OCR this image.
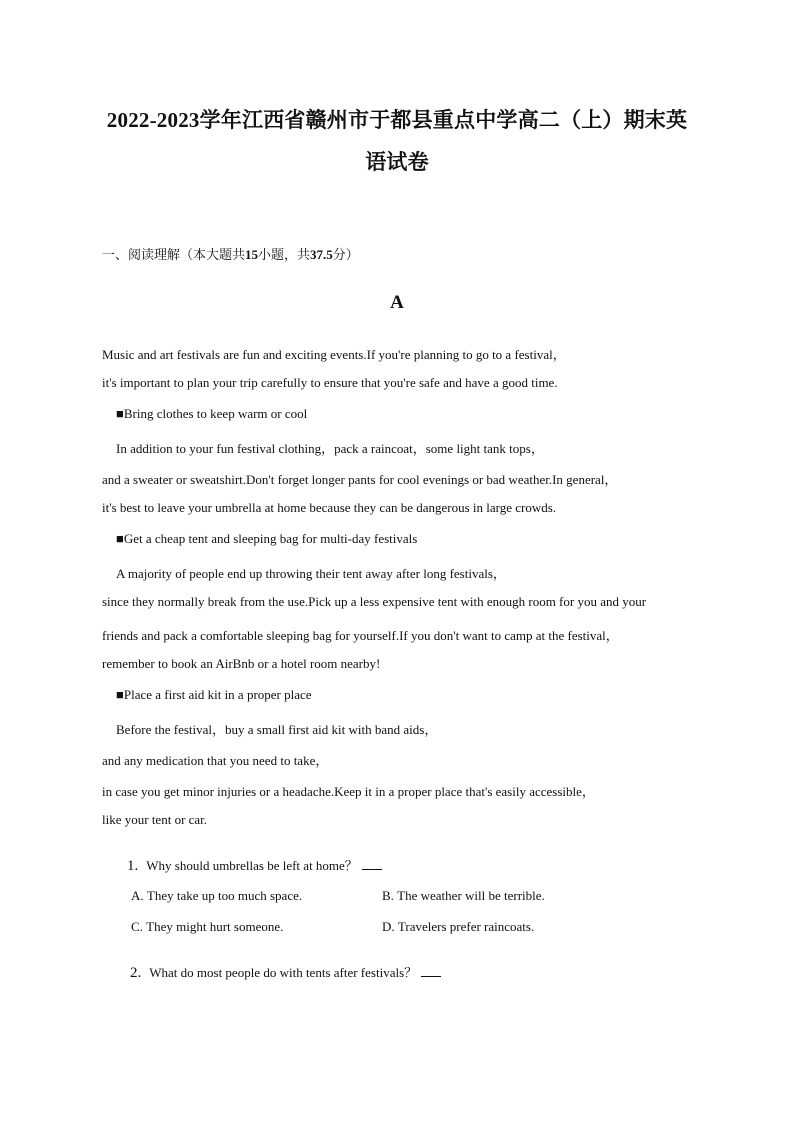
2022-2023学年江西省赣州市于都县重点中学高二（上）期末英
语试卷
一、阅读理解（本大题共15小题，共37.5分）
A
Music and art festivals are fun and exciting events.If you're planning to go to a festival，
it's important to plan your trip carefully to ensure that you're safe and have a good time.
■Bring clothes to keep warm or cool
In addition to your fun festival clothing，pack a raincoat，some light tank tops，
and a sweater or sweatshirt.Don't forget longer pants for cool evenings or bad weather.In general，
it's best to leave your umbrella at home because they can be dangerous in large crowds.
■Get a cheap tent and sleeping bag for multi-day festivals
A majority of people end up throwing their tent away after long festivals，
since they normally break from the use.Pick up a less expensive tent with enough room for you and your
friends and pack a comfortable sleeping bag for yourself.If you don't want to camp at the festival，
remember to book an AirBnb or a hotel room nearby!
■Place a first aid kit in a proper place
Before the festival，buy a small first aid kit with band aids，
and any medication that you need to take，
in case you get minor injuries or a headache.Keep it in a proper place that's easily accessible，
like your tent or car.
1. Why should umbrellas be left at home？
A. They take up too much space.	B. The weather will be terrible.
C. They might hurt someone.	D. Travelers prefer raincoats.
2. What do most people do with tents after festivals？
